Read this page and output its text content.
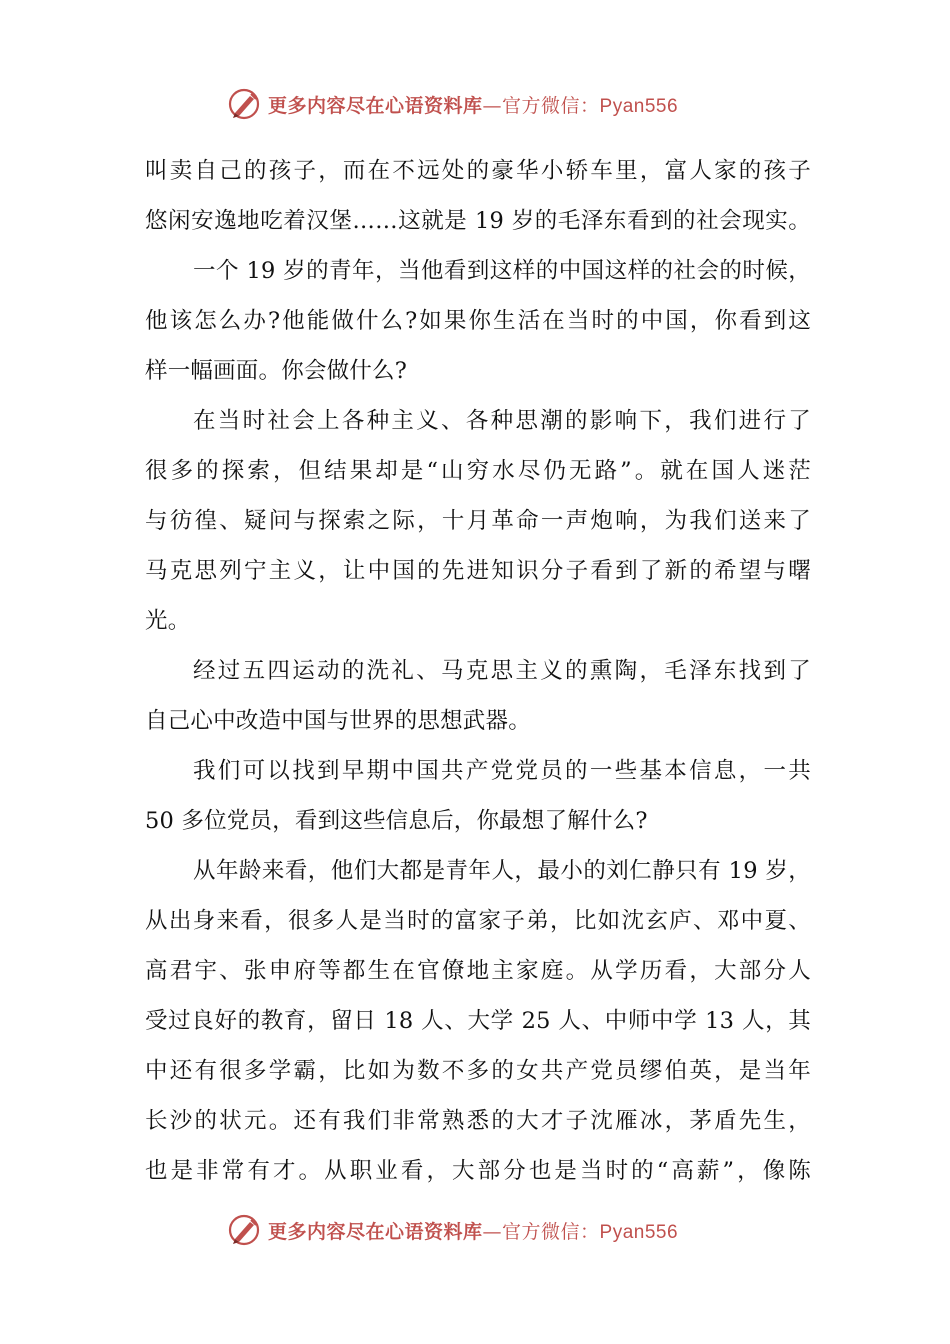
更多内容尽在心语资料库—官方微信：Pyan556
叫卖自己的孩子，而在不远处的豪华小轿车里，富人家的孩子
悠闲安逸地吃着汉堡……这就是 19 岁的毛泽东看到的社会现实。
一个 19 岁的青年，当他看到这样的中国这样的社会的时候，
他该怎么办?他能做什么?如果你生活在当时的中国，你看到这
样一幅画面。你会做什么?
在当时社会上各种主义、各种思潮的影响下，我们进行了
很多的探索，但结果却是“山穷水尽仍无路”。就在国人迷茫
与彷徨、疑问与探索之际，十月革命一声炮响，为我们送来了
马克思列宁主义，让中国的先进知识分子看到了新的希望与曙
光。
经过五四运动的洗礼、马克思主义的熏陶，毛泽东找到了
自己心中改造中国与世界的思想武器。
我们可以找到早期中国共产党党员的一些基本信息，一共
50 多位党员，看到这些信息后，你最想了解什么?
从年龄来看，他们大都是青年人，最小的刘仁静只有 19 岁，
从出身来看，很多人是当时的富家子弟，比如沈玄庐、邓中夏、
高君宇、张申府等都生在官僚地主家庭。从学历看，大部分人
受过良好的教育，留日 18 人、大学 25 人、中师中学 13 人，其
中还有很多学霸，比如为数不多的女共产党员缪伯英，是当年
长沙的状元。还有我们非常熟悉的大才子沈雁冰，茅盾先生，
也是非常有才。从职业看，大部分也是当时的“高薪”，像陈
更多内容尽在心语资料库—官方微信：Pyan556
